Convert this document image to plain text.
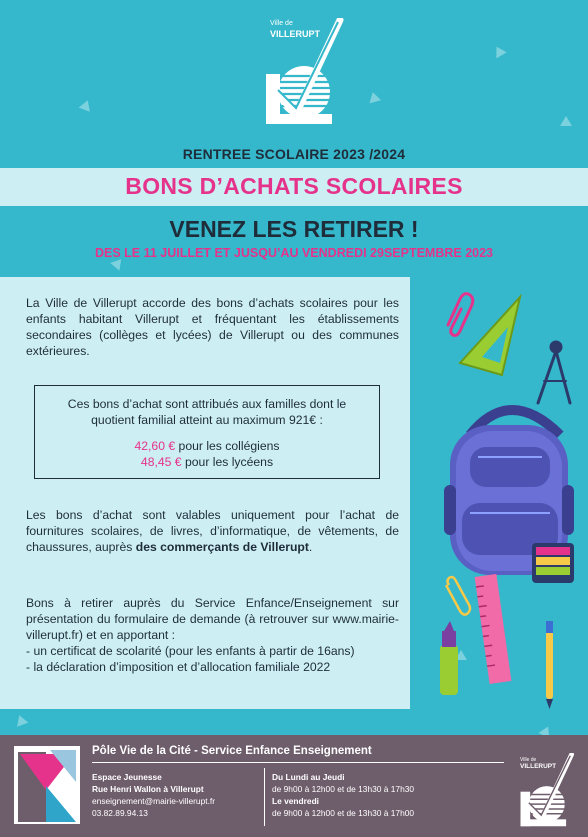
Ville de
VILLERUPT
RENTREE SCOLAIRE 2023 /2024
BONS D’ACHATS SCOLAIRES
VENEZ LES RETIRER !
DES LE 11 JUILLET ET JUSQU’AU VENDREDI 29SEPTEMBRE 2023

La Ville de Villerupt accorde des bons d’achats scolaires pour les enfants habitant Villerupt et fréquentant les établissements secondaires (collèges et lycées) de Villerupt ou des communes extérieures.

Ces bons d’achat sont attribués aux familles dont le
quotient familial atteint au maximum 921€ :
42,60 € pour les collégiens
48,45 € pour les lycéens

Les bons d’achat sont valables uniquement pour l’achat de fournitures scolaires, de livres, d’informatique, de vêtements, de chaussures, auprès des commerçants de Villerupt.

Bons à retirer auprès du Service Enfance/Enseignement sur présentation du formulaire de demande (à retrouver sur www.mairie-villerupt.fr) et en apportant :
- un certificat de scolarité (pour les enfants à partir de 16ans)
- la déclaration d’imposition et d’allocation familiale 2022

Pôle Vie de la Cité - Service Enfance Enseignement
Espace Jeunesse
Rue Henri Wallon à Villerupt
enseignement@mairie-villerupt.fr
03.82.89.94.13
Du Lundi au Jeudi
de 9h00 à 12h00 et de 13h30 à 17h30
Le vendredi
de 9h00 à 12h00 et de 13h30 à 17h00
Ville de
VILLERUPT
